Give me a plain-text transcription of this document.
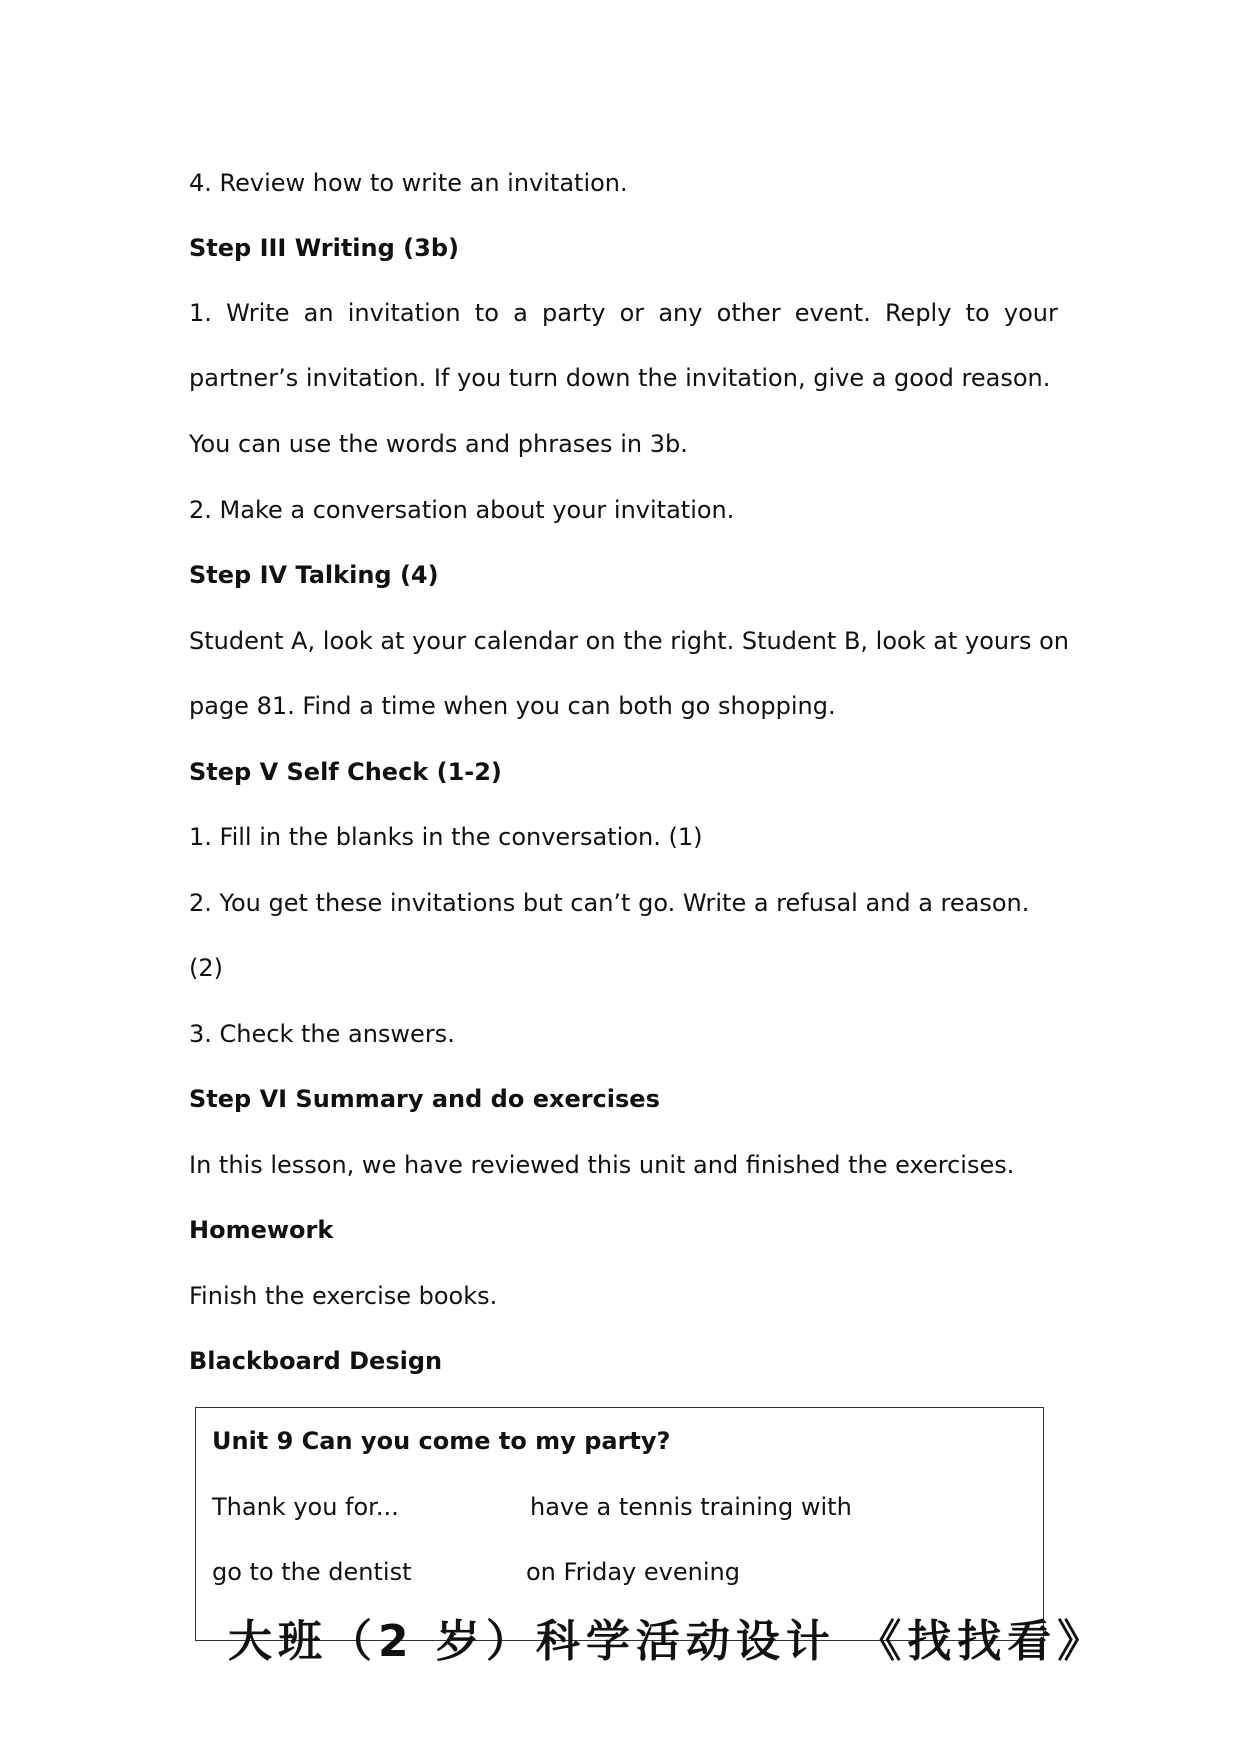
4. Review how to write an invitation.
Step III Writing (3b)
1. Write an invitation to a party or any other event. Reply to your
partner’s invitation. If you turn down the invitation, give a good reason.
You can use the words and phrases in 3b.
2. Make a conversation about your invitation.
Step IV Talking (4)
Student A, look at your calendar on the right. Student B, look at yours on
page 81. Find a time when you can both go shopping.
Step V Self Check (1-2)
1. Fill in the blanks in the conversation. (1)
2. You get these invitations but can’t go. Write a refusal and a reason.
(2)
3. Check the answers.
Step VI Summary and do exercises
In this lesson, we have reviewed this unit and finished the exercises.
Homework
Finish the exercise books.
Blackboard Design
Unit 9 Can you come to my party?
Thank you for...	have a tennis training with
go to the dentist	on Friday evening
⼤班（2 岁）科学活动设计 《找找看》
